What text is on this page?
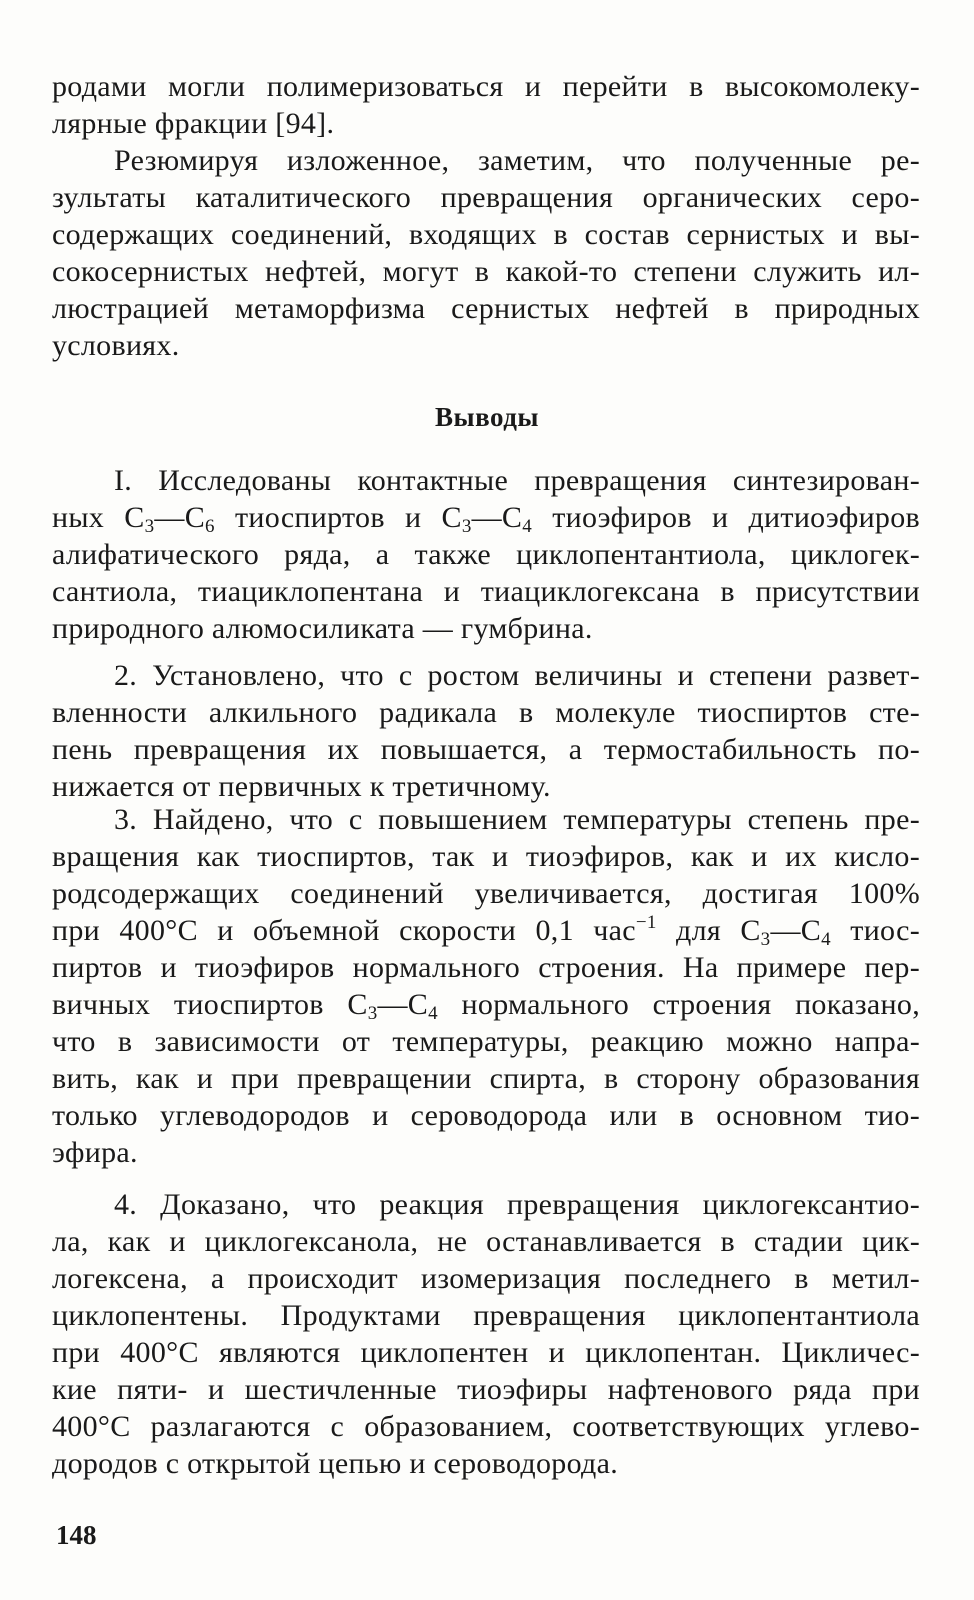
родами могли полимеризоваться и перейти в высокомолеку-
лярные фракции [94].
Резюмируя изложенное, заметим, что полученные ре-
зультаты каталитического превращения органических серо-
содержащих соединений, входящих в состав сернистых и вы-
сокосернистых нефтей, могут в какой-то степени служить ил-
люстрацией метаморфизма сернистых нефтей в природных
условиях.
Выводы
I. Исследованы контактные превращения синтезирован-
ных $C_3—C_6$ тиоспиртов и $C_3—C_4$ тиоэфиров и дитиоэфиров
алифатического ряда, а также циклопентантиола, циклогек-
сантиола, тиациклопентана и тиациклогексана в присутствии
природного алюмосиликата — гумбрина.
2. Установлено, что с ростом величины и степени развет-
вленности алкильного радикала в молекуле тиоспиртов сте-
пень превращения их повышается, а термостабильность по-
нижается от первичных к третичному.
3. Найдено, что с повышением температуры степень пре-
вращения как тиоспиртов, так и тиоэфиров, как и их кисло-
родсодержащих соединений увеличивается, достигая 100%
при 400°C и объемной скорости 0,1 час$^{-1}$ для $C_3—C_4$ тиос-
пиртов и тиоэфиров нормального строения. На примере пер-
вичных тиоспиртов $C_3—C_4$ нормального строения показано,
что в зависимости от температуры, реакцию можно напра-
вить, как и при превращении спирта, в сторону образования
только углеводородов и сероводорода или в основном тио-
эфира.
4. Доказано, что реакция превращения циклогексантио-
ла, как и циклогексанола, не останавливается в стадии цик-
логексена, а происходит изомеризация последнего в метил-
циклопентены. Продуктами превращения циклопентантиола
при 400°C являются циклопентен и циклопентан. Цикличес-
кие пяти- и шестичленные тиоэфиры нафтенового ряда при
400°C разлагаются с образованием, соответствующих углево-
дородов с открытой цепью и сероводорода.
148
